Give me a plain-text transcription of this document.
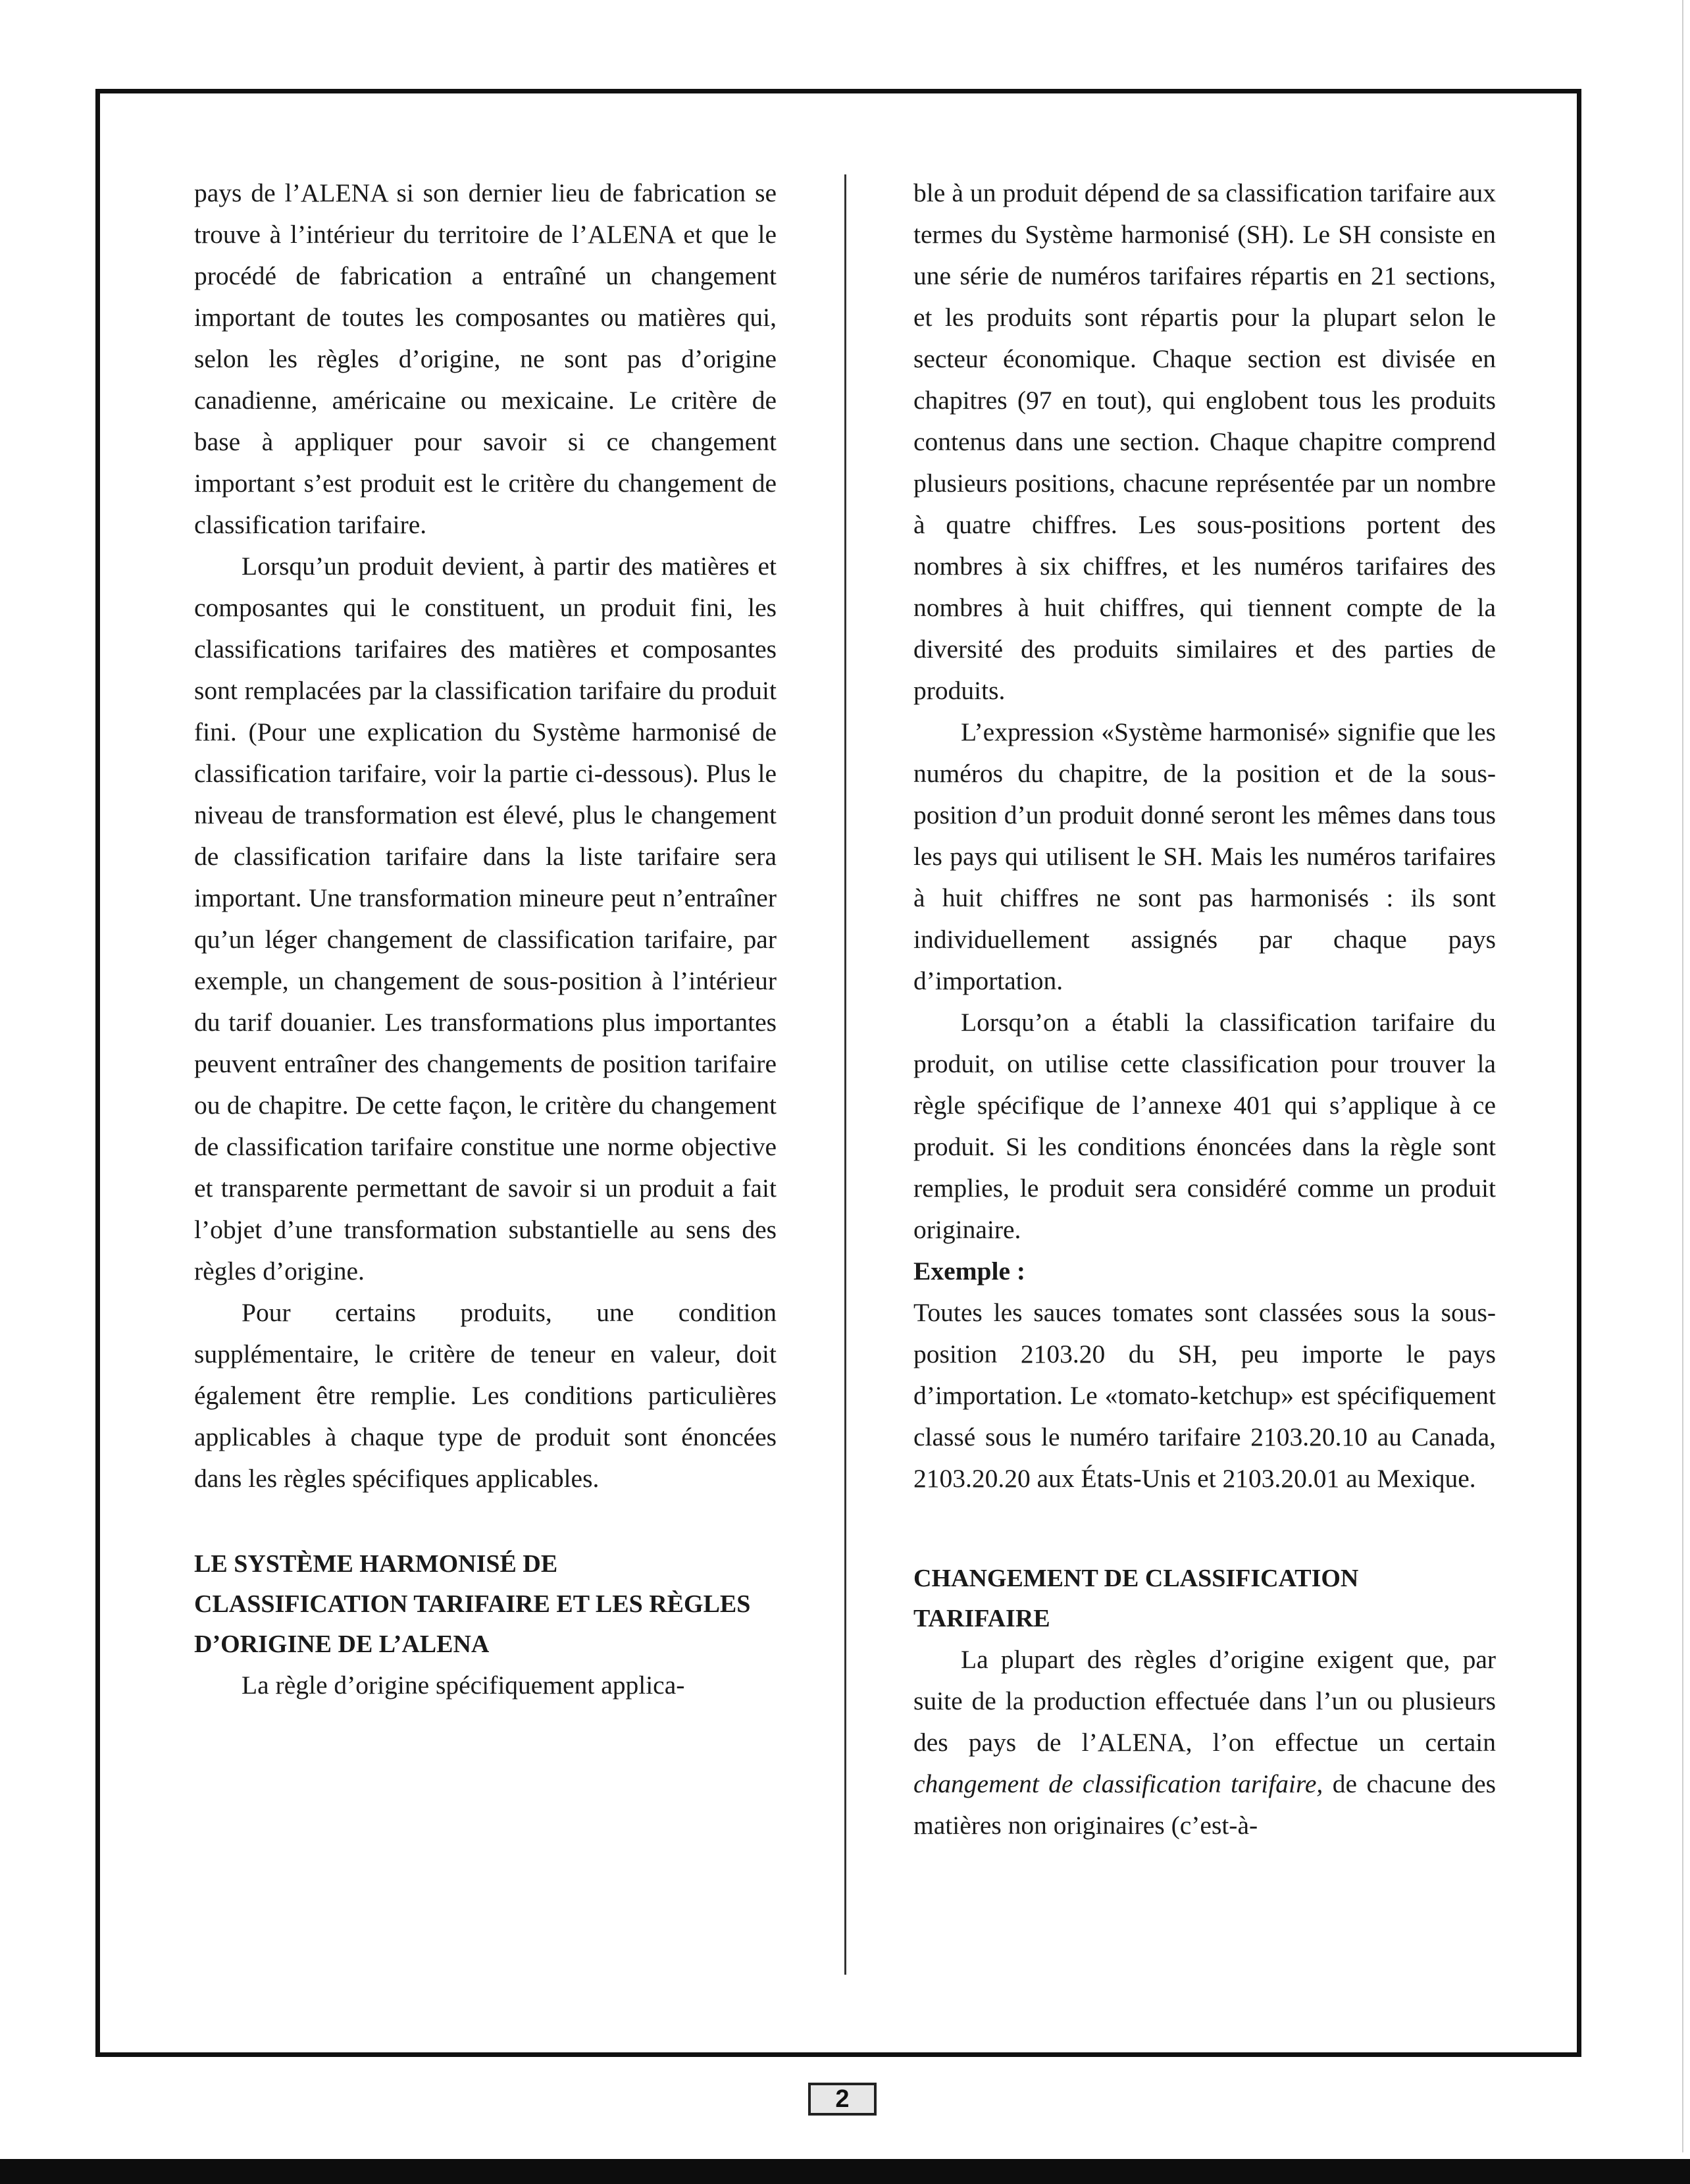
pays de l’ALENA si son dernier lieu de fabrication se trouve à l’intérieur du territoire de l’ALENA et que le procédé de fabrication a entraîné un changement important de toutes les composantes ou matières qui, selon les règles d’origine, ne sont pas d’origine canadienne, américaine ou mexicaine. Le critère de base à appliquer pour savoir si ce changement important s’est produit est le critère du changement de classification tarifaire.

Lorsqu’un produit devient, à partir des matières et composantes qui le constituent, un produit fini, les classifications tarifaires des matières et composantes sont remplacées par la classification tarifaire du produit fini. (Pour une explication du Système harmonisé de classification tarifaire, voir la partie ci-dessous). Plus le niveau de transformation est élevé, plus le changement de classification tarifaire dans la liste tarifaire sera important. Une transformation mineure peut n’entraîner qu’un léger changement de classification tarifaire, par exemple, un changement de sous-position à l’intérieur du tarif douanier. Les transformations plus importantes peuvent entraîner des changements de position tarifaire ou de chapitre. De cette façon, le critère du changement de classification tarifaire constitue une norme objective et transparente permettant de savoir si un produit a fait l’objet d’une transformation substantielle au sens des règles d’origine.

Pour certains produits, une condition supplémentaire, le critère de teneur en valeur, doit également être remplie. Les conditions particulières applicables à chaque type de produit sont énoncées dans les règles spécifiques applicables.

LE SYSTÈME HARMONISÉ DE CLASSIFICATION TARIFAIRE ET LES RÈGLES D’ORIGINE DE L’ALENA

La règle d’origine spécifiquement applica-

ble à un produit dépend de sa classification tarifaire aux termes du Système harmonisé (SH). Le SH consiste en une série de numéros tarifaires répartis en 21 sections, et les produits sont répartis pour la plupart selon le secteur économique. Chaque section est divisée en chapitres (97 en tout), qui englobent tous les produits contenus dans une section. Chaque chapitre comprend plusieurs positions, chacune représentée par un nombre à quatre chiffres. Les sous-positions portent des nombres à six chiffres, et les numéros tarifaires des nombres à huit chiffres, qui tiennent compte de la diversité des produits similaires et des parties de produits.

L’expression «Système harmonisé» signifie que les numéros du chapitre, de la position et de la sous-position d’un produit donné seront les mêmes dans tous les pays qui utilisent le SH. Mais les numéros tarifaires à huit chiffres ne sont pas harmonisés : ils sont individuellement assignés par chaque pays d’importation.

Lorsqu’on a établi la classification tarifaire du produit, on utilise cette classification pour trouver la règle spécifique de l’annexe 401 qui s’applique à ce produit. Si les conditions énoncées dans la règle sont remplies, le produit sera considéré comme un produit originaire.

Exemple :

Toutes les sauces tomates sont classées sous la sous-position 2103.20 du SH, peu importe le pays d’importation. Le «tomato-ketchup» est spécifiquement classé sous le numéro tarifaire 2103.20.10 au Canada, 2103.20.20 aux États-Unis et 2103.20.01 au Mexique.

CHANGEMENT DE CLASSIFICATION TARIFAIRE

La plupart des règles d’origine exigent que, par suite de la production effectuée dans l’un ou plusieurs des pays de l’ALENA, l’on effectue un certain changement de classification tarifaire, de chacune des matières non originaires (c’est-à-

2
